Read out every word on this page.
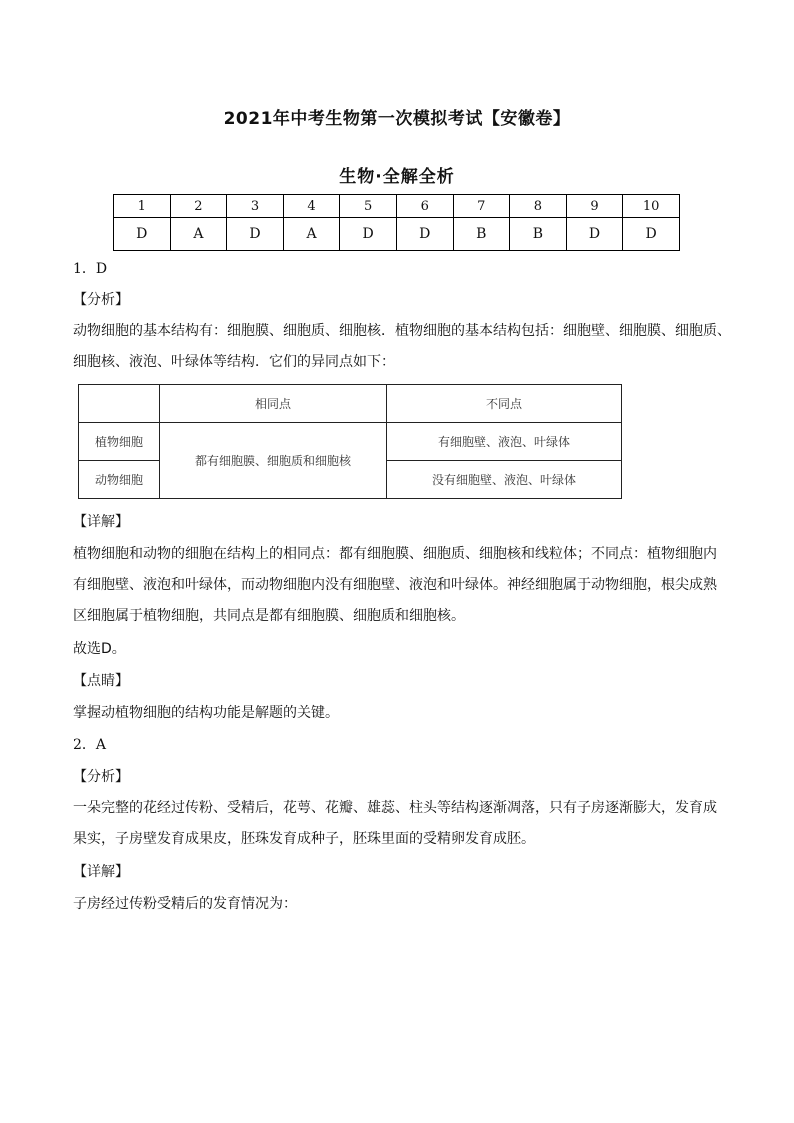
2021年中考生物第一次模拟考试【安徽卷】
生物·全解全析
1	2	3	4	5	6	7	8	9	10
D	A	D	A	D	D	B	B	D	D
1．D
【分析】
动物细胞的基本结构有：细胞膜、细胞质、细胞核．植物细胞的基本结构包括：细胞壁、细胞膜、细胞质、
细胞核、液泡、叶绿体等结构．它们的异同点如下：
	相同点	不同点
植物细胞	都有细胞膜、细胞质和细胞核	有细胞壁、液泡、叶绿体
动物细胞		没有细胞壁、液泡、叶绿体
【详解】
植物细胞和动物的细胞在结构上的相同点：都有细胞膜、细胞质、细胞核和线粒体；不同点：植物细胞内
有细胞壁、液泡和叶绿体，而动物细胞内没有细胞壁、液泡和叶绿体。神经细胞属于动物细胞，根尖成熟
区细胞属于植物细胞，共同点是都有细胞膜、细胞质和细胞核。
故选D。
【点睛】
掌握动植物细胞的结构功能是解题的关键。
2．A
【分析】
一朵完整的花经过传粉、受精后，花萼、花瓣、雄蕊、柱头等结构逐渐凋落，只有子房逐渐膨大，发育成
果实，子房壁发育成果皮，胚珠发育成种子，胚珠里面的受精卵发育成胚。
【详解】
子房经过传粉受精后的发育情况为：
